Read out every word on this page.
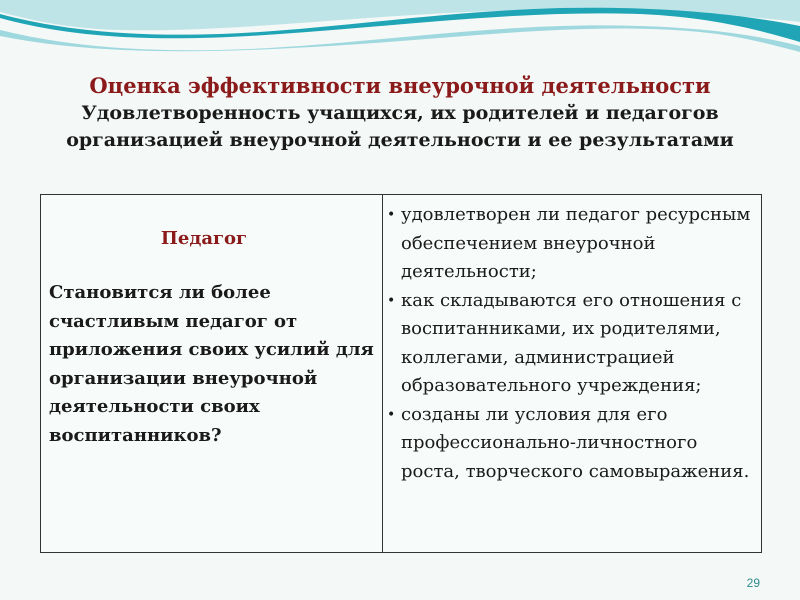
Оценка эффективности внеурочной деятельности
Удовлетворенность учащихся, их родителей и педагогов
организацией внеурочной деятельности и ее результатами
Педагог
Становится ли более счастливым педагог от приложения своих усилий для организации внеурочной деятельности своих воспитанников?
• удовлетворен ли педагог ресурсным обеспечением внеурочной деятельности;
• как складываются его отношения с воспитанниками, их родителями, коллегами, администрацией образовательного учреждения;
• созданы ли условия для его профессионально-личностного роста, творческого самовыражения.
29
